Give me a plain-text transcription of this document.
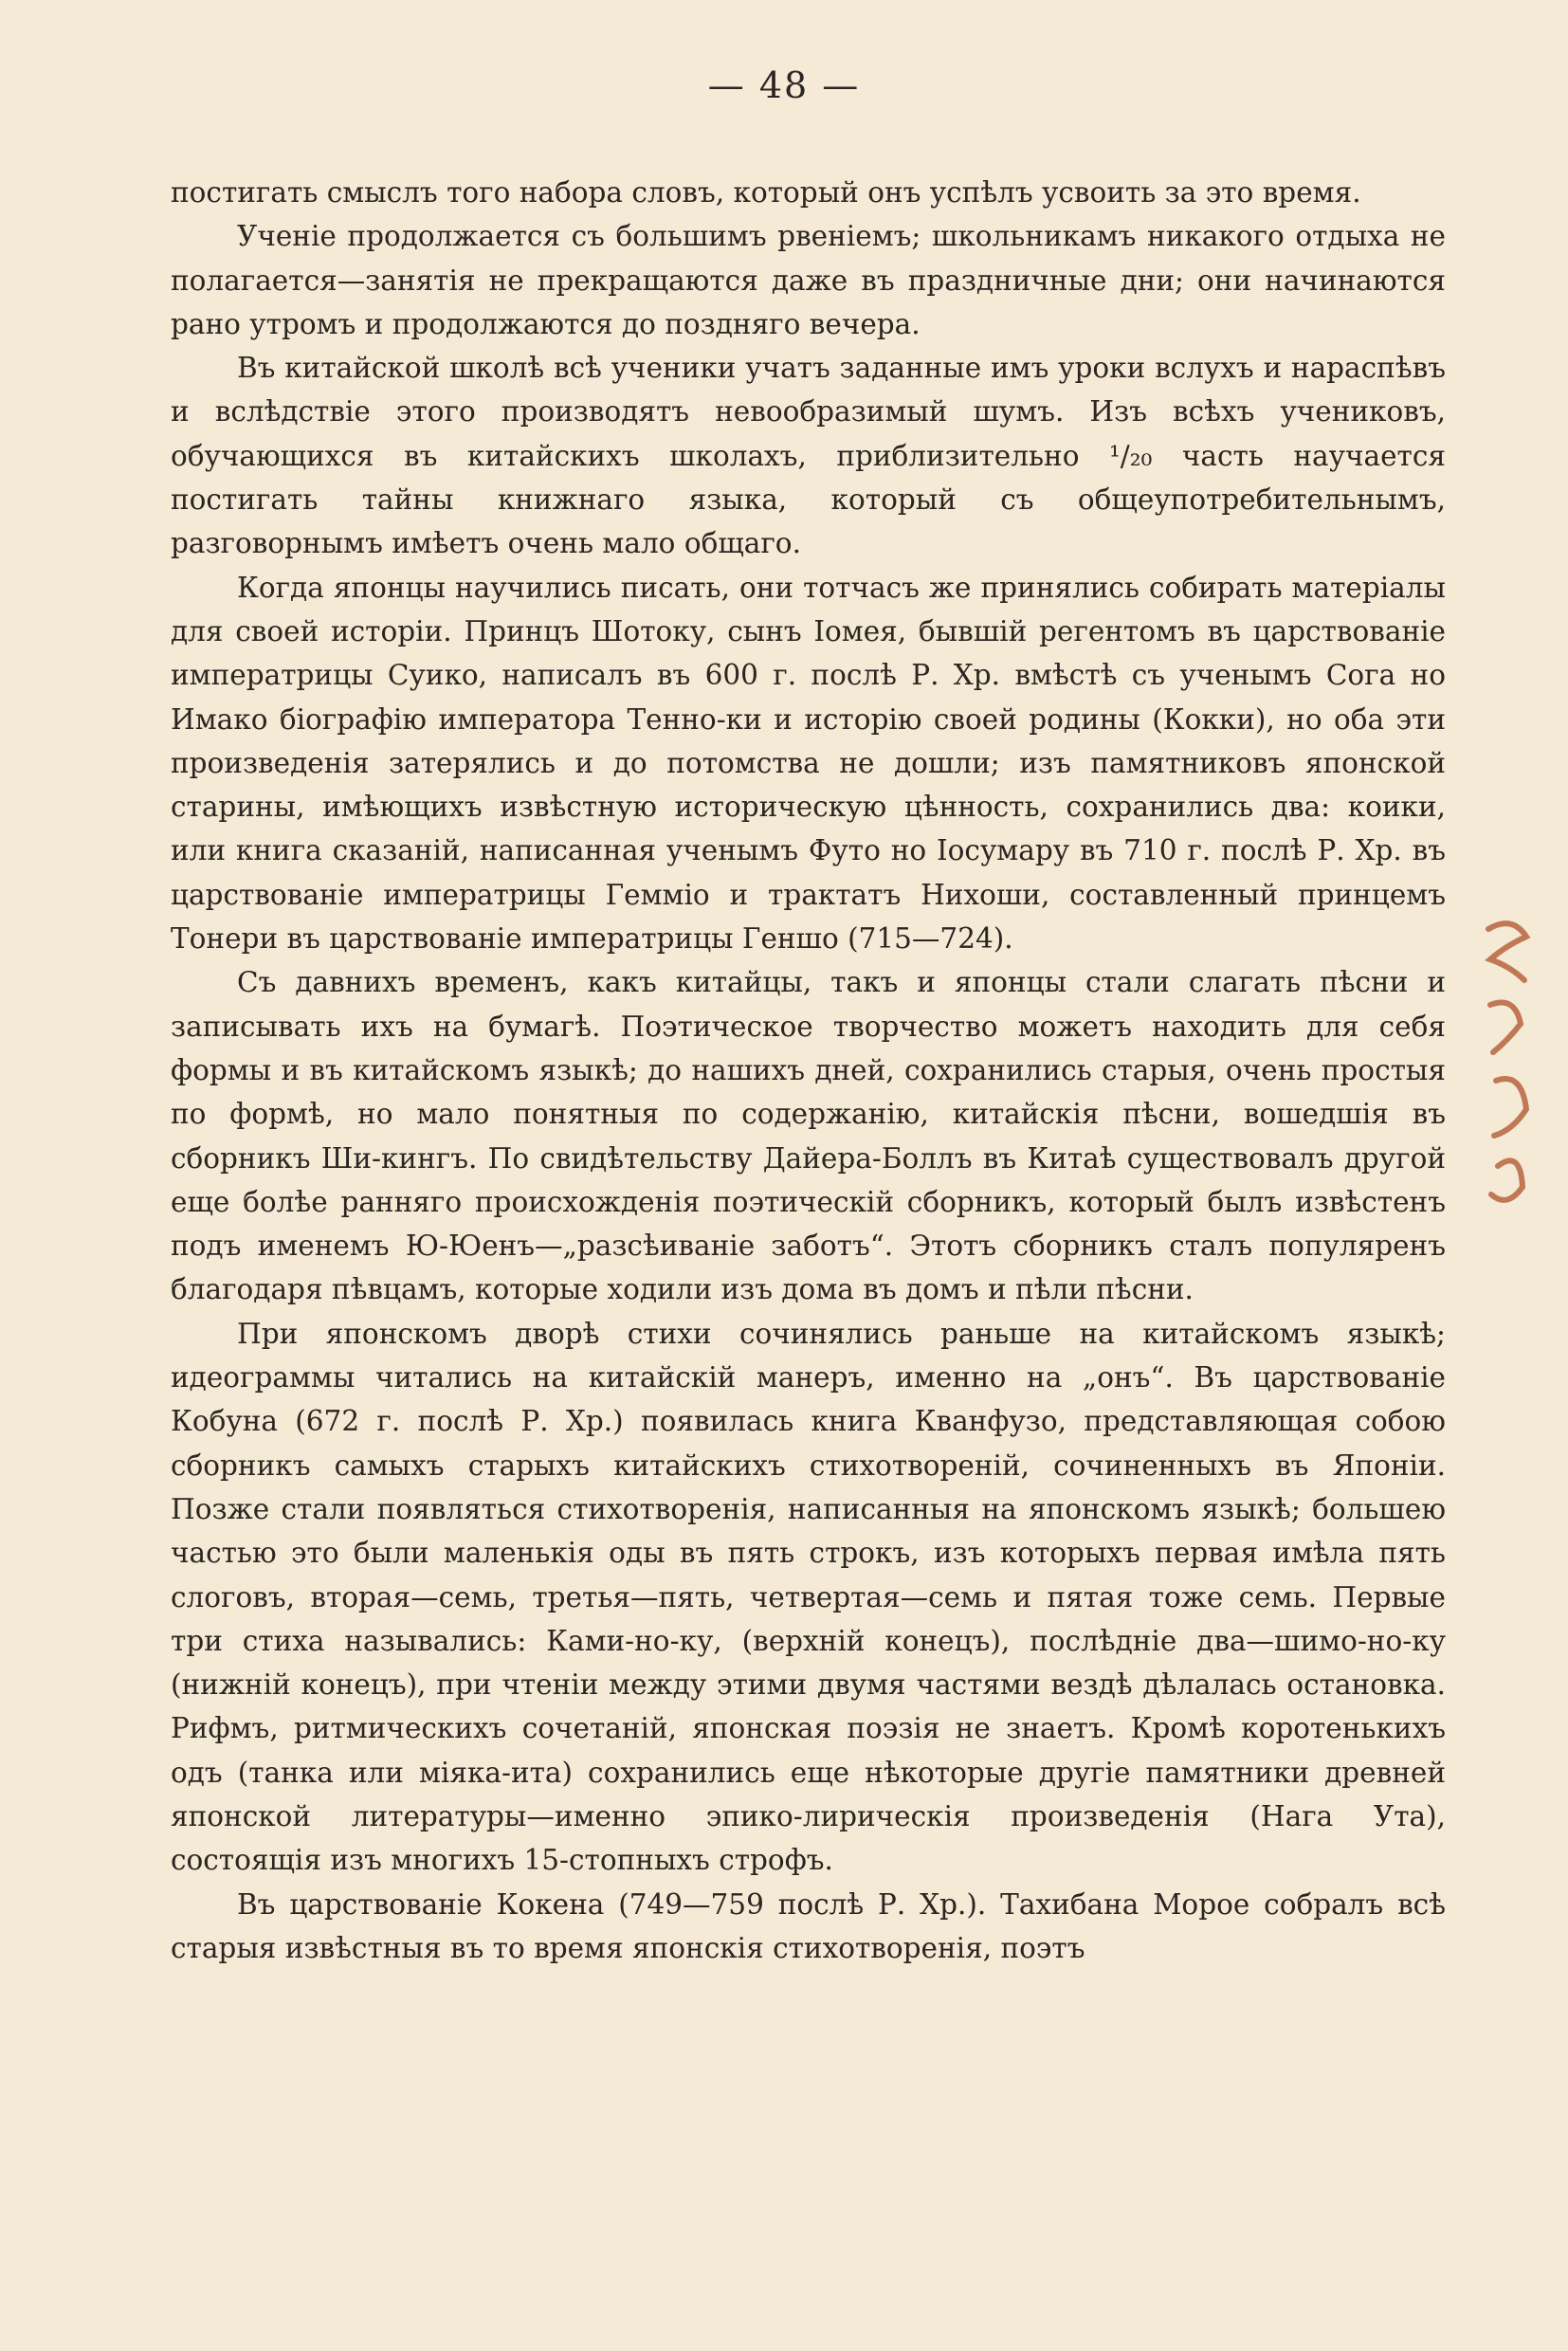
— 48 —

постигать смыслъ того набора словъ, который онъ успѣлъ усвоить за это время.

Ученіе продолжается съ большимъ рвеніемъ; школьникамъ никакого отдыха не полагается—занятія не прекращаются даже въ праздничные дни; они начинаются рано утромъ и продолжаются до поздняго вечера.

Въ китайской школѣ всѣ ученики учатъ заданные имъ уроки вслухъ и нараспѣвъ и вслѣдствіе этого производятъ невообразимый шумъ. Изъ всѣхъ учениковъ, обучающихся въ китайскихъ школахъ, приблизительно ¹/₂₀ часть научается постигать тайны книжнаго языка, который съ общеупотребительнымъ, разговорнымъ имѣетъ очень мало общаго.

Когда японцы научились писать, они тотчасъ же принялись собирать матеріалы для своей исторіи. Принцъ Шотоку, сынъ Іомея, бывшій регентомъ въ царствованіе императрицы Суико, написалъ въ 600 г. послѣ Р. Хр. вмѣстѣ съ ученымъ Сога но Имако біографію императора Тенно-ки и исторію своей родины (Кокки), но оба эти произведенія затерялись и до потомства не дошли; изъ памятниковъ японской старины, имѣющихъ извѣстную историческую цѣнность, сохранились два: коики, или книга сказаній, написанная ученымъ Футо но Іосумару въ 710 г. послѣ Р. Хр. въ царствованіе императрицы Гемміо и трактатъ Нихоши, составленный принцемъ Тонери въ царствованіе императрицы Геншо (715—724).

Съ давнихъ временъ, какъ китайцы, такъ и японцы стали слагать пѣсни и записывать ихъ на бумагѣ. Поэтическое творчество можетъ находить для себя формы и въ китайскомъ языкѣ; до нашихъ дней, сохранились старыя, очень простыя по формѣ, но мало понятныя по содержанію, китайскія пѣсни, вошедшія въ сборникъ Ши-кингъ. По свидѣтельству Дайера-Боллъ въ Китаѣ существовалъ другой еще болѣе ранняго происхожденія поэтическій сборникъ, который былъ извѣстенъ подъ именемъ Ю-Юенъ—„разсѣиваніе заботъ“. Этотъ сборникъ сталъ популяренъ благодаря пѣвцамъ, которые ходили изъ дома въ домъ и пѣли пѣсни.

При японскомъ дворѣ стихи сочинялись раньше на китайскомъ языкѣ; идеограммы читались на китайскій манеръ, именно на „онъ“. Въ царствованіе Кобуна (672 г. послѣ Р. Хр.) появилась книга Кванфузо, представляющая собою сборникъ самыхъ старыхъ китайскихъ стихотвореній, сочиненныхъ въ Японіи. Позже стали появляться стихотворенія, написанныя на японскомъ языкѣ; большею частью это были маленькія оды въ пять строкъ, изъ которыхъ первая имѣла пять слоговъ, вторая—семь, третья—пять, четвертая—семь и пятая тоже семь. Первые три стиха назывались: Ками-но-ку, (верхній конецъ), послѣдніе два—шимо-но-ку (нижній конецъ), при чтеніи между этими двумя частями вездѣ дѣлалась остановка. Рифмъ, ритмическихъ сочетаній, японская поэзія не знаетъ. Кромѣ коротенькихъ одъ (танка или міяка-ита) сохранились еще нѣкоторые другіе памятники древней японской литературы—именно эпико-лирическія произведенія (Нага Ута), состоящія изъ многихъ 15-стопныхъ строфъ.

Въ царствованіе Кокена (749—759 послѣ Р. Хр.). Тахибана Морое собралъ всѣ старыя извѣстныя въ то время японскія стихотворенія, поэтъ
